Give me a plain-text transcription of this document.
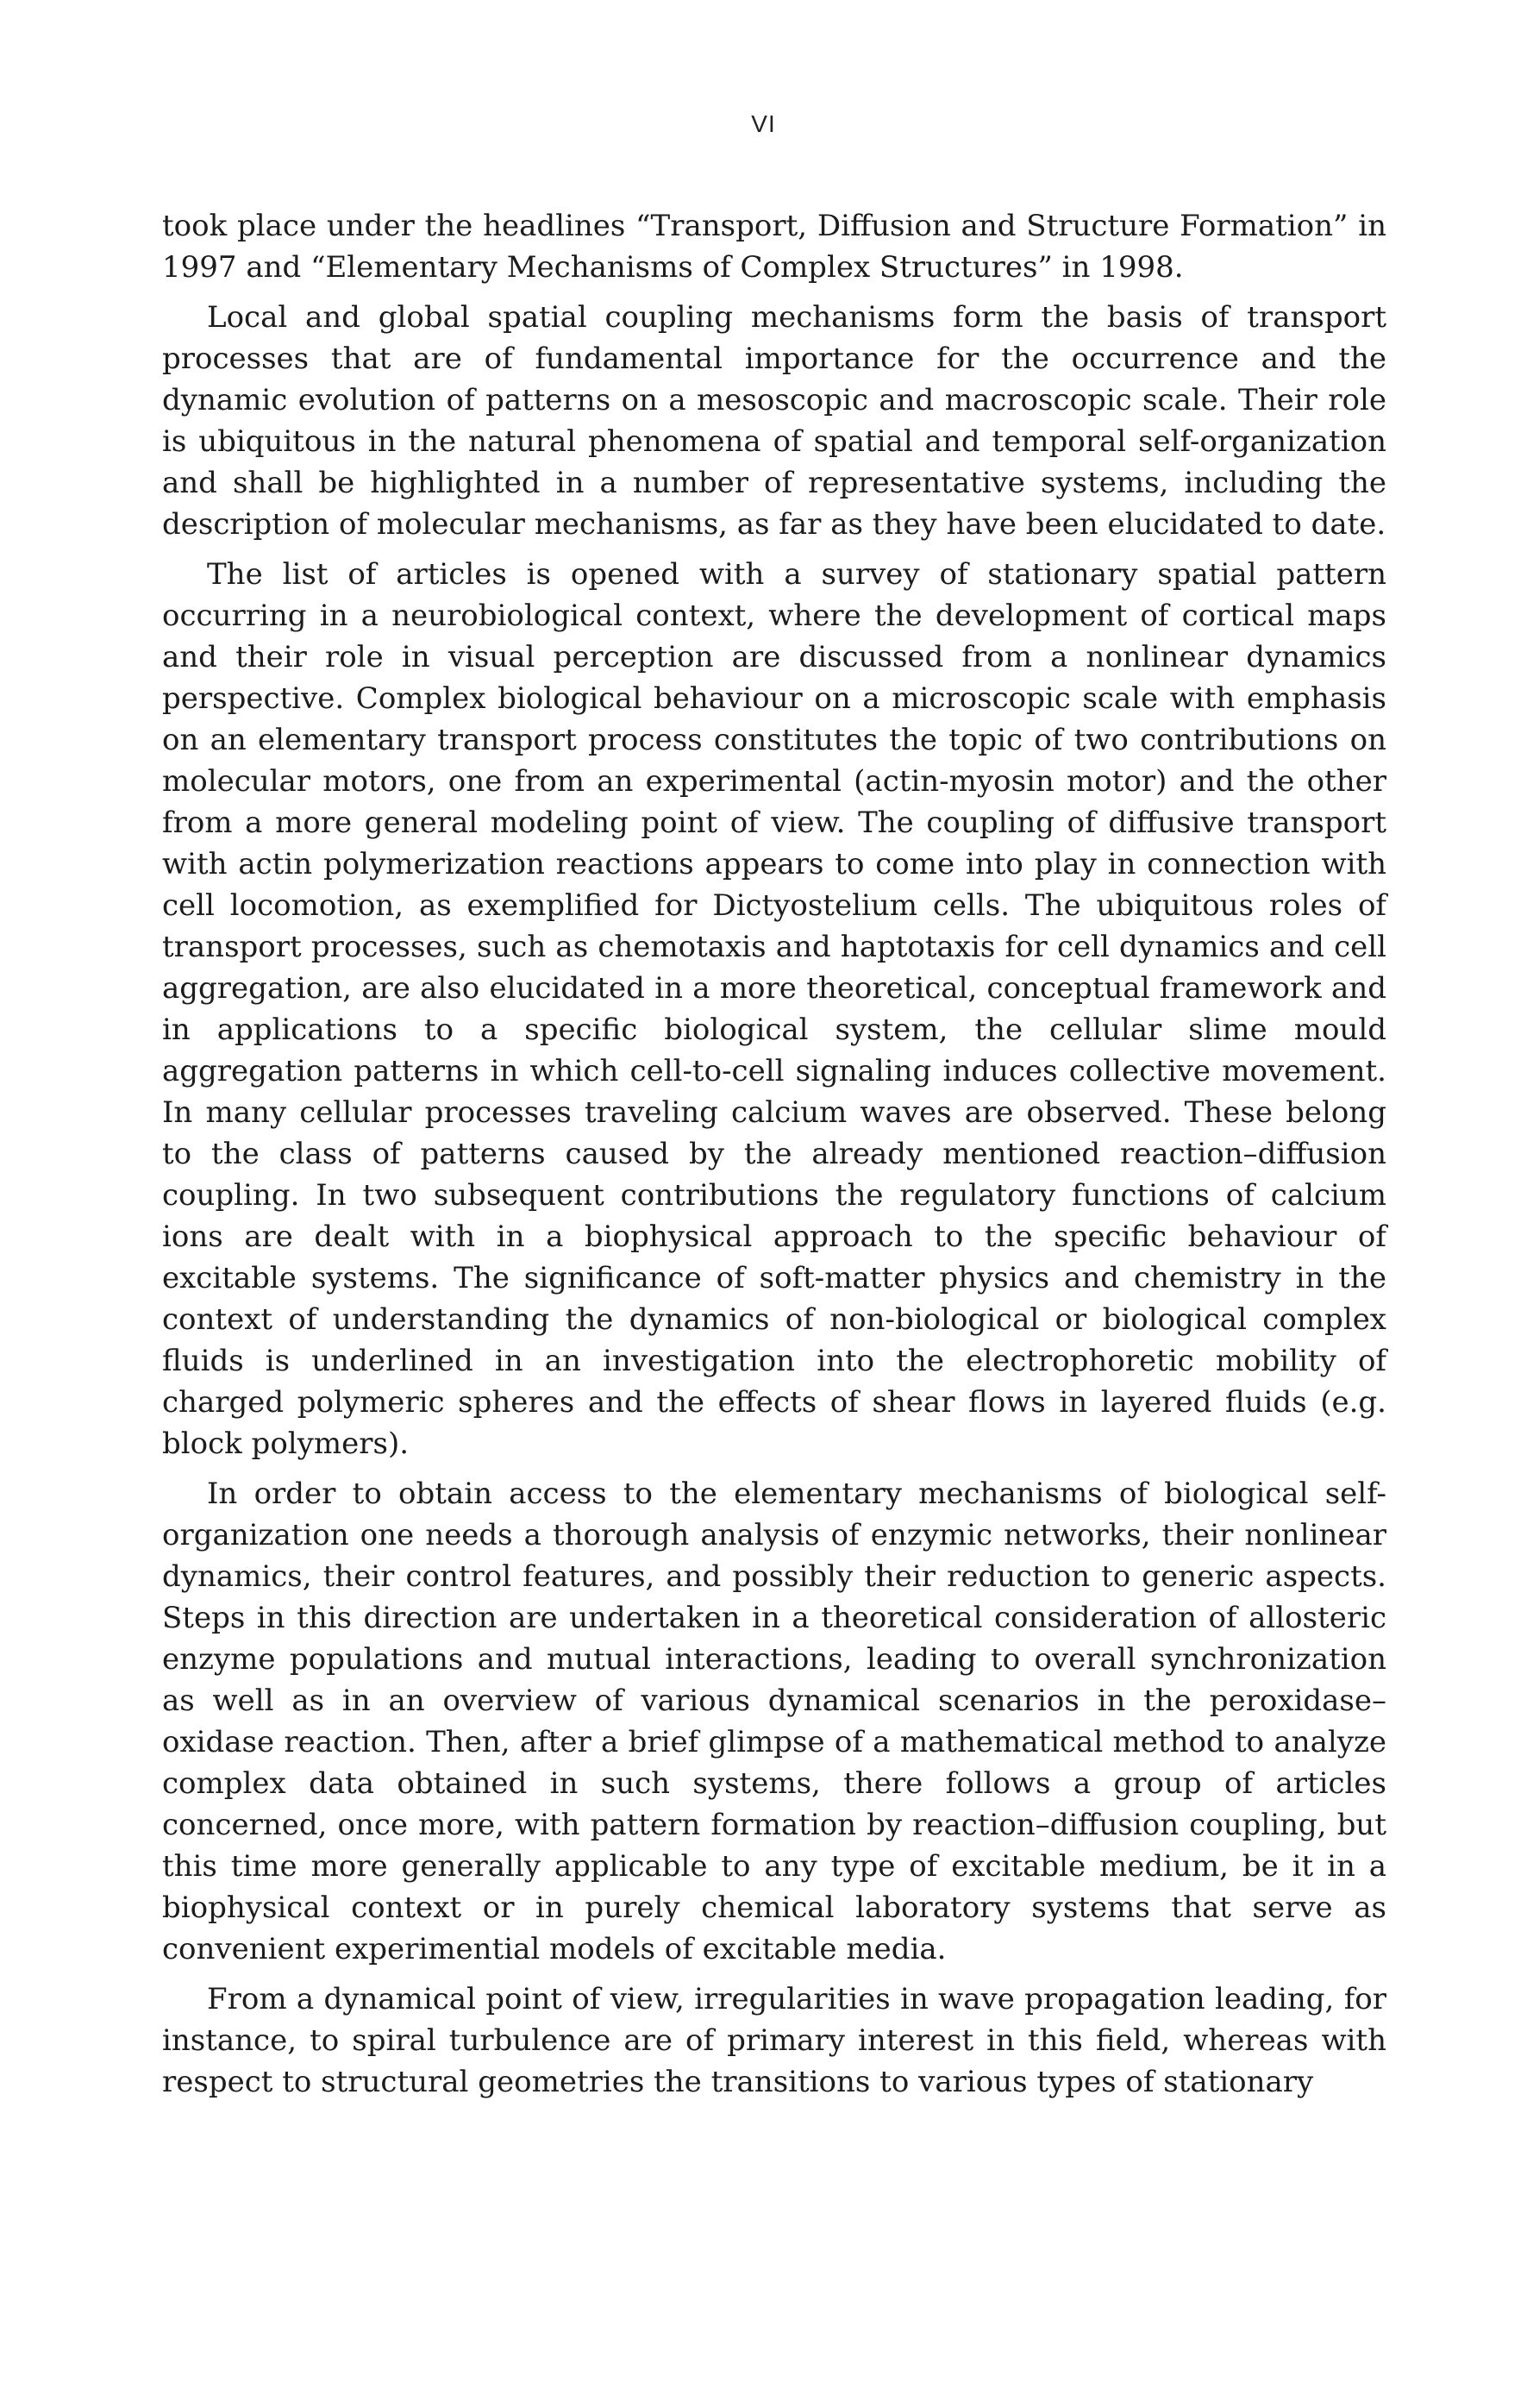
VI

took place under the headlines “Transport, Diffusion and Structure Formation” in 1997 and “Elementary Mechanisms of Complex Structures” in 1998.

Local and global spatial coupling mechanisms form the basis of transport processes that are of fundamental importance for the occurrence and the dynamic evolution of patterns on a mesoscopic and macroscopic scale. Their role is ubiquitous in the natural phenomena of spatial and temporal self-organization and shall be highlighted in a number of representative systems, including the description of molecular mechanisms, as far as they have been elucidated to date.

The list of articles is opened with a survey of stationary spatial pattern occurring in a neurobiological context, where the development of cortical maps and their role in visual perception are discussed from a nonlinear dynamics perspective. Complex biological behaviour on a microscopic scale with emphasis on an elementary transport process constitutes the topic of two contributions on molecular motors, one from an experimental (actin-myosin motor) and the other from a more general modeling point of view. The coupling of diffusive transport with actin polymerization reactions appears to come into play in connection with cell locomotion, as exemplified for Dictyostelium cells. The ubiquitous roles of transport processes, such as chemotaxis and haptotaxis for cell dynamics and cell aggregation, are also elucidated in a more theoretical, conceptual framework and in applications to a specific biological system, the cellular slime mould aggregation patterns in which cell-to-cell signaling induces collective movement. In many cellular processes traveling calcium waves are observed. These belong to the class of patterns caused by the already mentioned reaction–diffusion coupling. In two subsequent contributions the regulatory functions of calcium ions are dealt with in a biophysical approach to the specific behaviour of excitable systems. The significance of soft-matter physics and chemistry in the context of understanding the dynamics of non-biological or biological complex fluids is underlined in an investigation into the electrophoretic mobility of charged polymeric spheres and the effects of shear flows in layered fluids (e.g. block polymers).

In order to obtain access to the elementary mechanisms of biological self-organization one needs a thorough analysis of enzymic networks, their nonlinear dynamics, their control features, and possibly their reduction to generic aspects. Steps in this direction are undertaken in a theoretical consideration of allosteric enzyme populations and mutual interactions, leading to overall synchronization as well as in an overview of various dynamical scenarios in the peroxidase–oxidase reaction. Then, after a brief glimpse of a mathematical method to analyze complex data obtained in such systems, there follows a group of articles concerned, once more, with pattern formation by reaction–diffusion coupling, but this time more generally applicable to any type of excitable medium, be it in a biophysical context or in purely chemical laboratory systems that serve as convenient experimential models of excitable media.

From a dynamical point of view, irregularities in wave propagation leading, for instance, to spiral turbulence are of primary interest in this field, whereas with respect to structural geometries the transitions to various types of stationary
